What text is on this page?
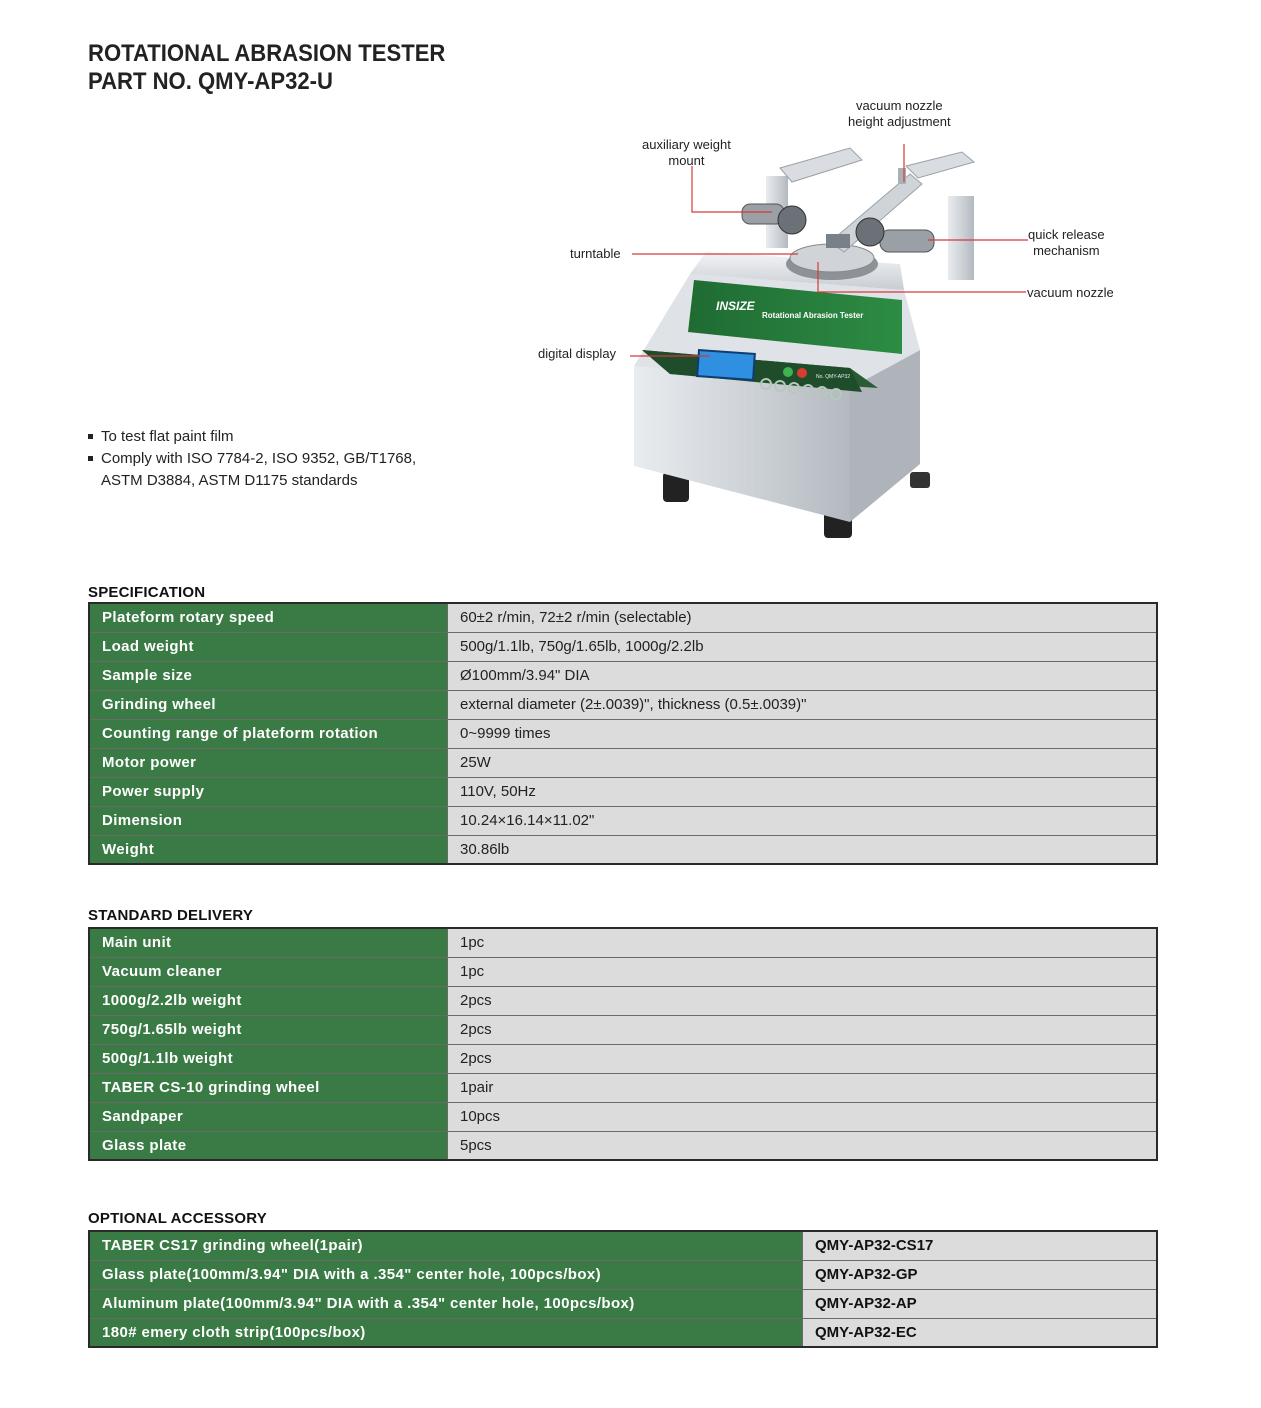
ROTATIONAL ABRASION TESTER
PART NO. QMY-AP32-U
INSIZE
Rotational Abrasion Tester
No. QMY-AP32
vacuum nozzle
height adjustment
auxiliary weight
mount
quick release
mechanism
turntable
vacuum nozzle
digital display
To test flat paint film
Comply with ISO 7784-2, ISO 9352, GB/T1768,
ASTM D3884, ASTM D1175 standards
SPECIFICATION
Plateform rotary speed	60±2 r/min, 72±2 r/min (selectable)
Load weight	500g/1.1lb, 750g/1.65lb, 1000g/2.2lb
Sample size	Ø100mm/3.94" DIA
Grinding wheel	external diameter (2±.0039)", thickness (0.5±.0039)"
Counting range of plateform rotation	0~9999 times
Motor power	25W
Power supply	110V, 50Hz
Dimension	10.24×16.14×11.02"
Weight	30.86lb
STANDARD DELIVERY
Main unit	1pc
Vacuum cleaner	1pc
1000g/2.2lb weight	2pcs
750g/1.65lb weight	2pcs
500g/1.1lb weight	2pcs
TABER CS-10 grinding wheel	1pair
Sandpaper	10pcs
Glass plate	5pcs
OPTIONAL ACCESSORY
TABER CS17 grinding wheel(1pair)	QMY-AP32-CS17
Glass plate(100mm/3.94" DIA with a .354" center hole, 100pcs/box)	QMY-AP32-GP
Aluminum plate(100mm/3.94" DIA with a .354" center hole, 100pcs/box)	QMY-AP32-AP
180# emery cloth strip(100pcs/box)	QMY-AP32-EC
